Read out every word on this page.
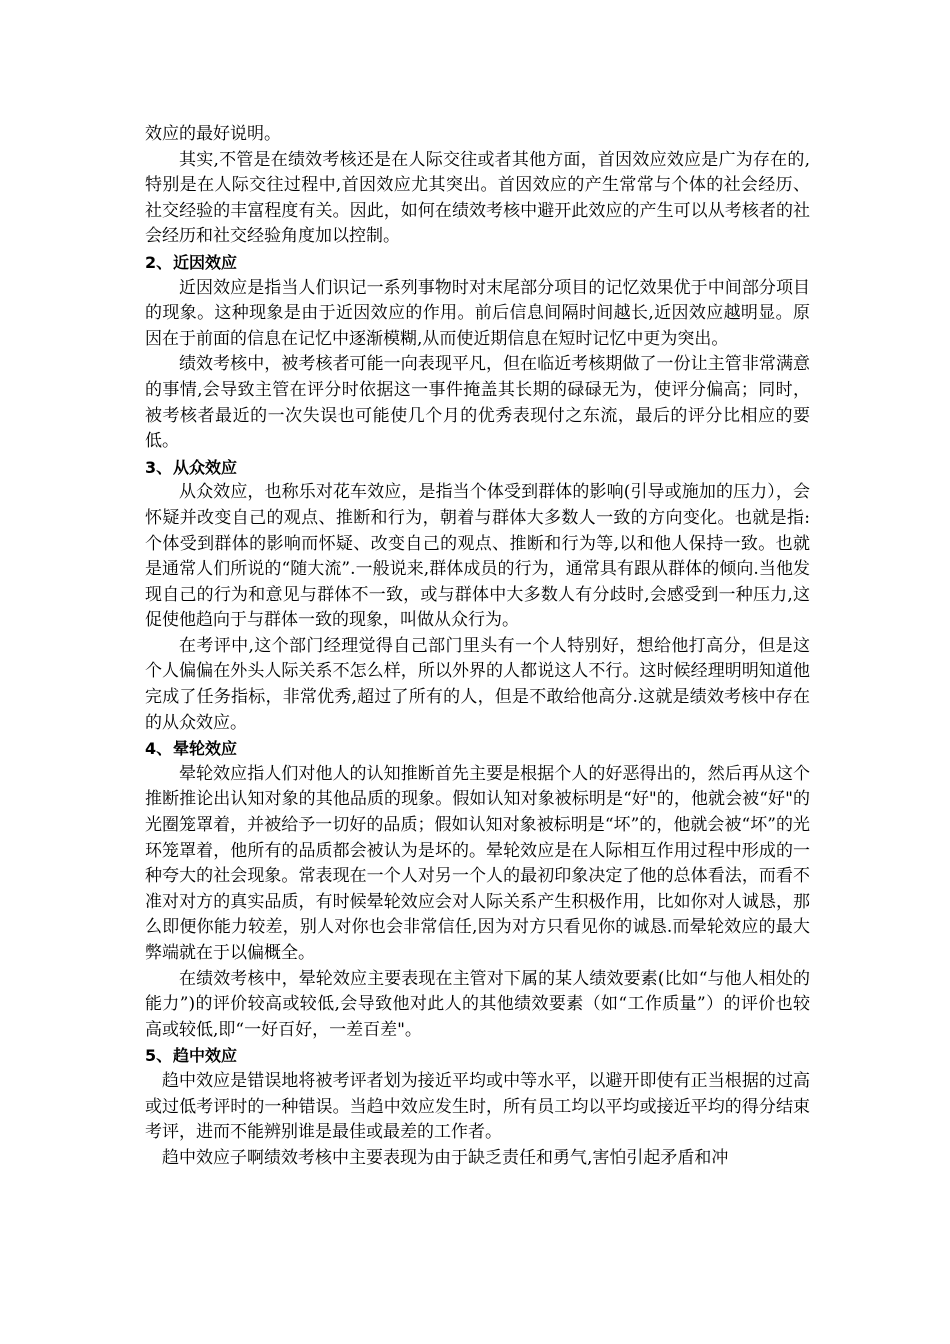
效应的最好说明。

其实,不管是在绩效考核还是在人际交往或者其他方面，首因效应效应是广为存在的,特别是在人际交往过程中,首因效应尤其突出。首因效应的产生常常与个体的社会经历、社交经验的丰富程度有关。因此，如何在绩效考核中避开此效应的产生可以从考核者的社会经历和社交经验角度加以控制。

2、近因效应

近因效应是指当人们识记一系列事物时对末尾部分项目的记忆效果优于中间部分项目的现象。这种现象是由于近因效应的作用。前后信息间隔时间越长,近因效应越明显。原因在于前面的信息在记忆中逐渐模糊,从而使近期信息在短时记忆中更为突出。

绩效考核中，被考核者可能一向表现平凡，但在临近考核期做了一份让主管非常满意的事情,会导致主管在评分时依据这一事件掩盖其长期的碌碌无为，使评分偏高；同时，被考核者最近的一次失误也可能使几个月的优秀表现付之东流，最后的评分比相应的要低。

3、从众效应

从众效应，也称乐对花车效应，是指当个体受到群体的影响(引导或施加的压力），会怀疑并改变自己的观点、推断和行为，朝着与群体大多数人一致的方向变化。也就是指:个体受到群体的影响而怀疑、改变自己的观点、推断和行为等,以和他人保持一致。也就是通常人们所说的“随大流”.一般说来,群体成员的行为，通常具有跟从群体的倾向.当他发现自己的行为和意见与群体不一致，或与群体中大多数人有分歧时,会感受到一种压力,这促使他趋向于与群体一致的现象，叫做从众行为。

在考评中,这个部门经理觉得自己部门里头有一个人特别好，想给他打高分，但是这个人偏偏在外头人际关系不怎么样，所以外界的人都说这人不行。这时候经理明明知道他完成了任务指标，非常优秀,超过了所有的人，但是不敢给他高分.这就是绩效考核中存在的从众效应。

4、晕轮效应

晕轮效应指人们对他人的认知推断首先主要是根据个人的好恶得出的，然后再从这个推断推论出认知对象的其他品质的现象。假如认知对象被标明是“好"的，他就会被“好"的光圈笼罩着，并被给予一切好的品质；假如认知对象被标明是“坏”的，他就会被“坏”的光环笼罩着，他所有的品质都会被认为是坏的。晕轮效应是在人际相互作用过程中形成的一种夸大的社会现象。常表现在一个人对另一个人的最初印象决定了他的总体看法，而看不准对对方的真实品质，有时候晕轮效应会对人际关系产生积极作用，比如你对人诚恳，那么即便你能力较差，别人对你也会非常信任,因为对方只看见你的诚恳.而晕轮效应的最大弊端就在于以偏概全。

在绩效考核中，晕轮效应主要表现在主管对下属的某人绩效要素(比如“与他人相处的能力”)的评价较高或较低,会导致他对此人的其他绩效要素（如“工作质量”）的评价也较高或较低,即“一好百好，一差百差"。

5、趋中效应

趋中效应是错误地将被考评者划为接近平均或中等水平，以避开即使有正当根据的过高或过低考评时的一种错误。当趋中效应发生时，所有员工均以平均或接近平均的得分结束考评，进而不能辨别谁是最佳或最差的工作者。

趋中效应子啊绩效考核中主要表现为由于缺乏责任和勇气,害怕引起矛盾和冲
